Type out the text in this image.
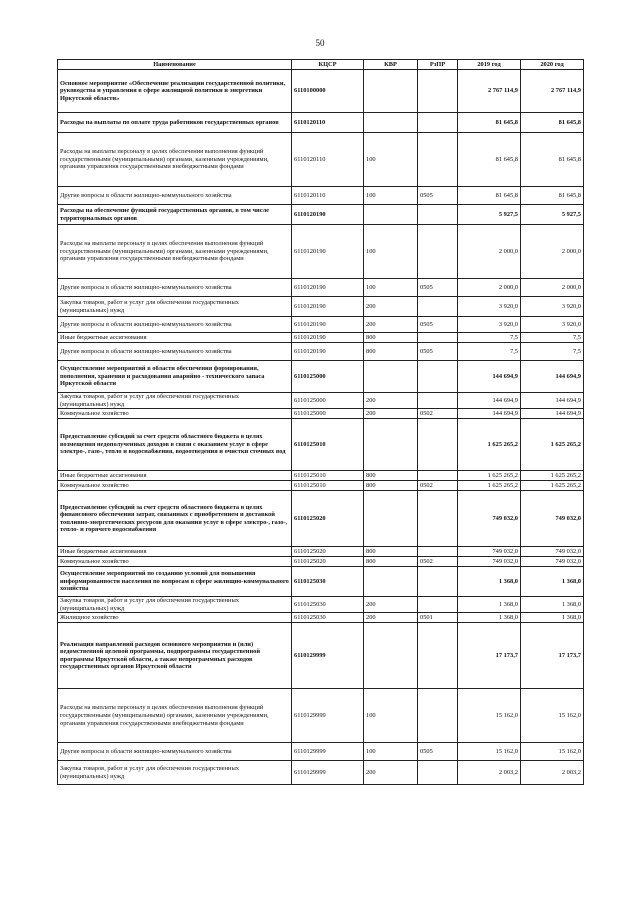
50
Наименование	КЦСР	КВР	РзПР	2019 год	2020 год
Основное мероприятие «Обеспечение реализации государственной политики, руководства и управления в сфере жилищной политики и энергетики Иркутской области»	6110100000			2 767 114,9	2 767 114,9
Расходы на выплаты по оплате труда работников государственных органов	6110120110			81 645,8	81 645,8
Расходы на выплаты персоналу в целях обеспечения выполнения функций государственными (муниципальными) органами, казенными учреждениями, органами управления государственными внебюджетными фондами	6110120110	100		81 645,8	81 645,8
Другие вопросы в области жилищно-коммунального хозяйства	6110120110	100	0505	81 645,8	81 645,8
Расходы на обеспечение функций государственных органов, в том числе территориальных органов	6110120190			5 927,5	5 927,5
Расходы на выплаты персоналу в целях обеспечения выполнения функций государственными (муниципальными) органами, казенными учреждениями, органами управления государственными внебюджетными фондами	6110120190	100		2 000,0	2 000,0
Другие вопросы в области жилищно-коммунального хозяйства	6110120190	100	0505	2 000,0	2 000,0
Закупка товаров, работ и услуг для обеспечения государственных (муниципальных) нужд	6110120190	200		3 920,0	3 920,0
Другие вопросы в области жилищно-коммунального хозяйства	6110120190	200	0505	3 920,0	3 920,0
Иные бюджетные ассигнования	6110120190	800		7,5	7,5
Другие вопросы в области жилищно-коммунального хозяйства	6110120190	800	0505	7,5	7,5
Осуществление мероприятий в области обеспечения формирования, пополнения, хранения и расходования аварийно - технического запаса Иркутской области	6110125000			144 694,9	144 694,9
Закупка товаров, работ и услуг для обеспечения государственных (муниципальных) нужд	6110125000	200		144 694,9	144 694,9
Коммунальное хозяйство	6110125000	200	0502	144 694,9	144 694,9
Предоставление субсидий за счет средств областного бюджета в целях возмещения недополученных доходов в связи с оказанием услуг в сфере электро-, газо-, тепло и водоснабжения, водоотведения и очистки сточных вод	6110125010			1 625 265,2	1 625 265,2
Иные бюджетные ассигнования	6110125010	800		1 625 265,2	1 625 265,2
Коммунальное хозяйство	6110125010	800	0502	1 625 265,2	1 625 265,2
Предоставление субсидий за счет средств областного бюджета в целях финансового обеспечения затрат, связанных с приобретением и доставкой топливно-энергетических ресурсов для оказания услуг в сфере электро-, газо-, тепло- и горячего водоснабжения	6110125020			749 032,0	749 032,0
Иные бюджетные ассигнования	6110125020	800		749 032,0	749 032,0
Коммунальное хозяйство	6110125020	800	0502	749 032,0	749 032,0
Осуществление мероприятий по созданию условий для повышения информированности населения по вопросам в сфере жилищно-коммунального хозяйства	6110125030			1 368,0	1 368,0
Закупка товаров, работ и услуг для обеспечения государственных (муниципальных) нужд	6110125030	200		1 368,0	1 368,0
Жилищное хозяйство	6110125030	200	0501	1 368,0	1 368,0
Реализация направлений расходов основного мероприятия и (или) ведомственной целевой программы, подпрограммы государственной программы Иркутской области, а также непрограммных расходов государственных органов Иркутской области	6110129999			17 173,7	17 173,7
Расходы на выплаты персоналу в целях обеспечения выполнения функций государственными (муниципальными) органами, казенными учреждениями, органами управления государственными внебюджетными фондами	6110129999	100		15 162,0	15 162,0
Другие вопросы в области жилищно-коммунального хозяйства	6110129999	100	0505	15 162,0	15 162,0
Закупка товаров, работ и услуг для обеспечения государственных (муниципальных) нужд	6110129999	200		2 003,2	2 003,2
